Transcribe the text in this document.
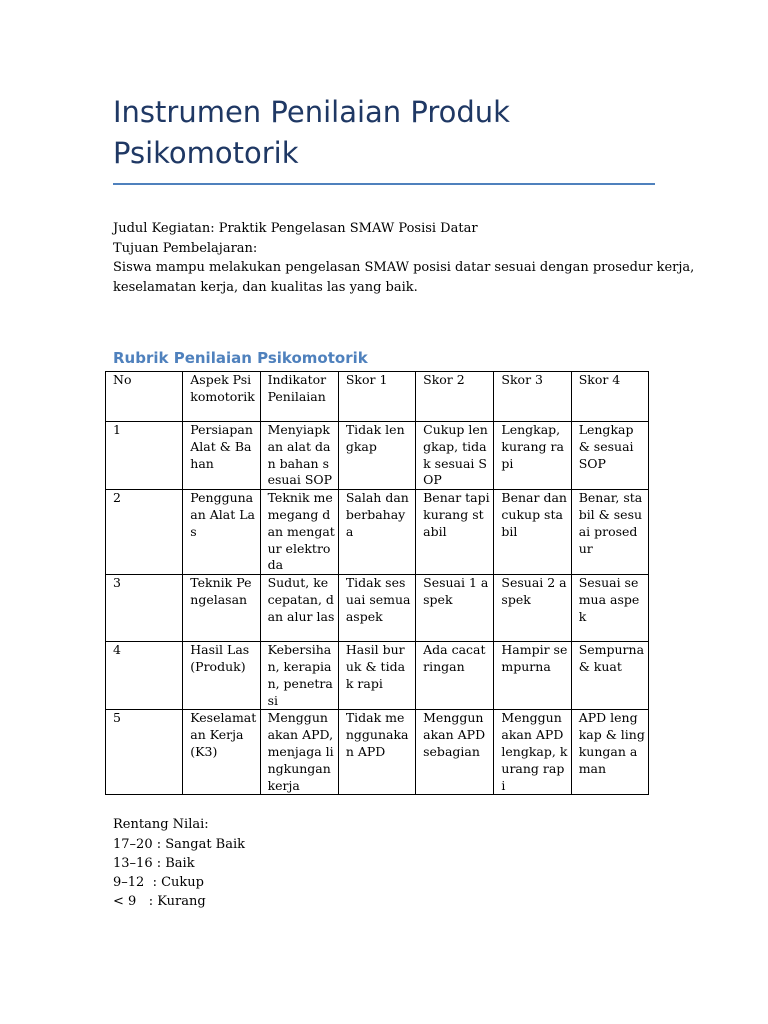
Instrumen Penilaian Produk
Psikomotorik
Judul Kegiatan: Praktik Pengelasan SMAW Posisi Datar
Tujuan Pembelajaran:
Siswa mampu melakukan pengelasan SMAW posisi datar sesuai dengan prosedur kerja,
keselamatan kerja, dan kualitas las yang baik.
Rubrik Penilaian Psikomotorik
No	Aspek Psikomotorik	Indikator Penilaian	Skor 1	Skor 2	Skor 3	Skor 4
1	Persiapan Alat & Bahan	Menyiapkan alat dan bahan sesuai SOP	Tidak lengkap	Cukup lengkap, tidak sesuai SOP	Lengkap, kurang rapi	Lengkap & sesuai SOP
2	Penggunaan Alat Las	Teknik memegang dan mengatur elektroda	Salah dan berbahaya	Benar tapi kurang stabil	Benar dan cukup stabil	Benar, stabil & sesuai prosedur
3	Teknik Pengelasan	Sudut, kecepatan, dan alur las	Tidak sesuai semua aspek	Sesuai 1 aspek	Sesuai 2 aspek	Sesuai semua aspek
4	Hasil Las (Produk)	Kebersihan, kerapian, penetrasi	Hasil buruk & tidak rapi	Ada cacat ringan	Hampir sempurna	Sempurna & kuat
5	Keselamatan Kerja (K3)	Menggunakan APD, menjaga lingkungan kerja	Tidak menggunakan APD	Menggunakan APD sebagian	Menggunakan APD lengkap, kurang rapi	APD lengkap & lingkungan aman
Rentang Nilai:
17–20 : Sangat Baik
13–16 : Baik
9–12  : Cukup
< 9   : Kurang
